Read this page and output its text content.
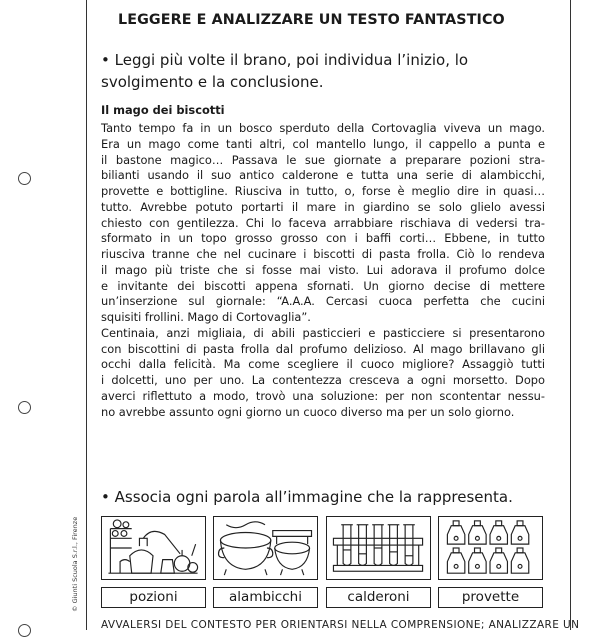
© Giunti Scuola S.r.l., Firenze
LEGGERE E ANALIZZARE UN TESTO FANTASTICO
• Leggi più volte il brano, poi individua l’inizio, lo svolgimento e la conclusione.
Il mago dei biscotti
Tanto tempo fa in un bosco sperduto della Cortovaglia viveva un mago.
Era un mago come tanti altri, col mantello lungo, il cappello a punta e
il bastone magico… Passava le sue giornate a preparare pozioni stra-
bilianti usando il suo antico calderone e tutta una serie di alambicchi,
provette e bottigline. Riusciva in tutto, o, forse è meglio dire in quasi…
tutto. Avrebbe potuto portarti il mare in giardino se solo glielo avessi
chiesto con gentilezza. Chi lo faceva arrabbiare rischiava di vedersi tra-
sformato in un topo grosso grosso con i baffi corti… Ebbene, in tutto
riusciva tranne che nel cucinare i biscotti di pasta frolla. Ciò lo rendeva
il mago più triste che si fosse mai visto. Lui adorava il profumo dolce
e invitante dei biscotti appena sfornati. Un giorno decise di mettere
un’inserzione sul giornale: “A.A.A. Cercasi cuoca perfetta che cucini
squisiti frollini. Mago di Cortovaglia”.
Centinaia, anzi migliaia, di abili pasticcieri e pasticciere si presentarono
con biscottini di pasta frolla dal profumo delizioso. Al mago brillavano gli
occhi dalla felicità. Ma come scegliere il cuoco migliore? Assaggiò tutti
i dolcetti, uno per uno. La contentezza cresceva a ogni morsetto. Dopo
averci riflettuto a modo, trovò una soluzione: per non scontentar nessu-
no avrebbe assunto ogni giorno un cuoco diverso ma per un solo giorno.
• Associa ogni parola all’immagine che la rappresenta.
pozioni	alambicchi	calderoni	provette
AVVALERSI DEL CONTESTO PER ORIENTARSI NELLA COMPRENSIONE; ANALIZZARE UN
